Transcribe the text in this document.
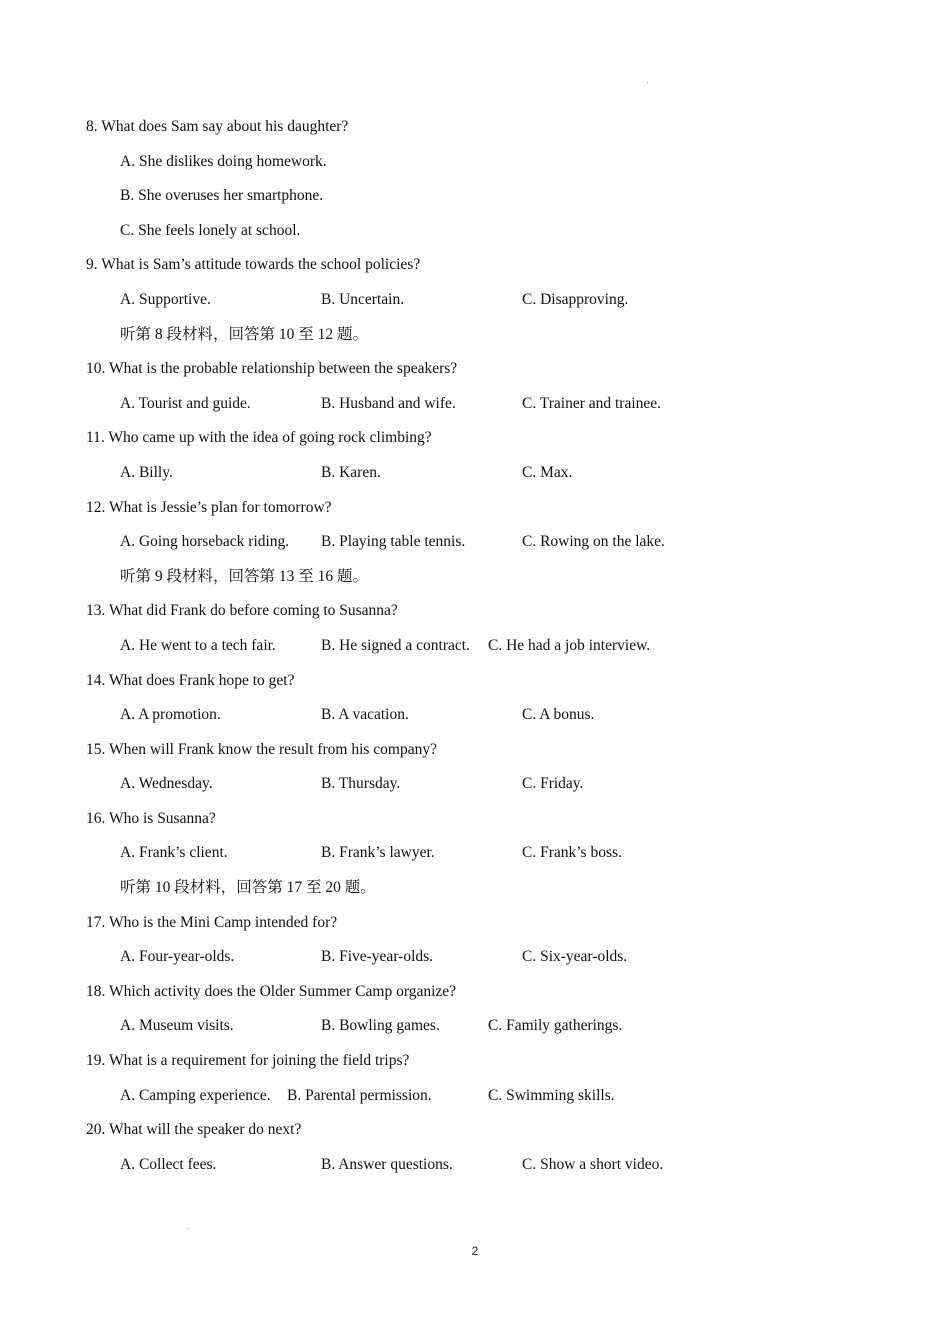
8. What does Sam say about his daughter?
A. She dislikes doing homework.
B. She overuses her smartphone.
C. She feels lonely at school.
9. What is Sam’s attitude towards the school policies?
A. Supportive.	B. Uncertain.	C. Disapproving.
听第 8 段材料，回答第 10 至 12 题。
10. What is the probable relationship between the speakers?
A. Tourist and guide.	B. Husband and wife.	C. Trainer and trainee.
11. Who came up with the idea of going rock climbing?
A. Billy.	B. Karen.	C. Max.
12. What is Jessie’s plan for tomorrow?
A. Going horseback riding. B. Playing table tennis.	C. Rowing on the lake.
听第 9 段材料，回答第 13 至 16 题。
13. What did Frank do before coming to Susanna?
A. He went to a tech fair.	B. He signed a contract. C. He had a job interview.
14. What does Frank hope to get?
A. A promotion.	B. A vacation.	C. A bonus.
15. When will Frank know the result from his company?
A. Wednesday.	B. Thursday.	C. Friday.
16. Who is Susanna?
A. Frank’s client.	B. Frank’s lawyer.	C. Frank’s boss.
听第 10 段材料，回答第 17 至 20 题。
17. Who is the Mini Camp intended for?
A. Four-year-olds.	B. Five-year-olds.	C. Six-year-olds.
18. Which activity does the Older Summer Camp organize?
A. Museum visits.	B. Bowling games.	C. Family gatherings.
19. What is a requirement for joining the field trips?
A. Camping experience. B. Parental permission.	C. Swimming skills.
20. What will the speaker do next?
A. Collect fees.	B. Answer questions.	C. Show a short video.
2
